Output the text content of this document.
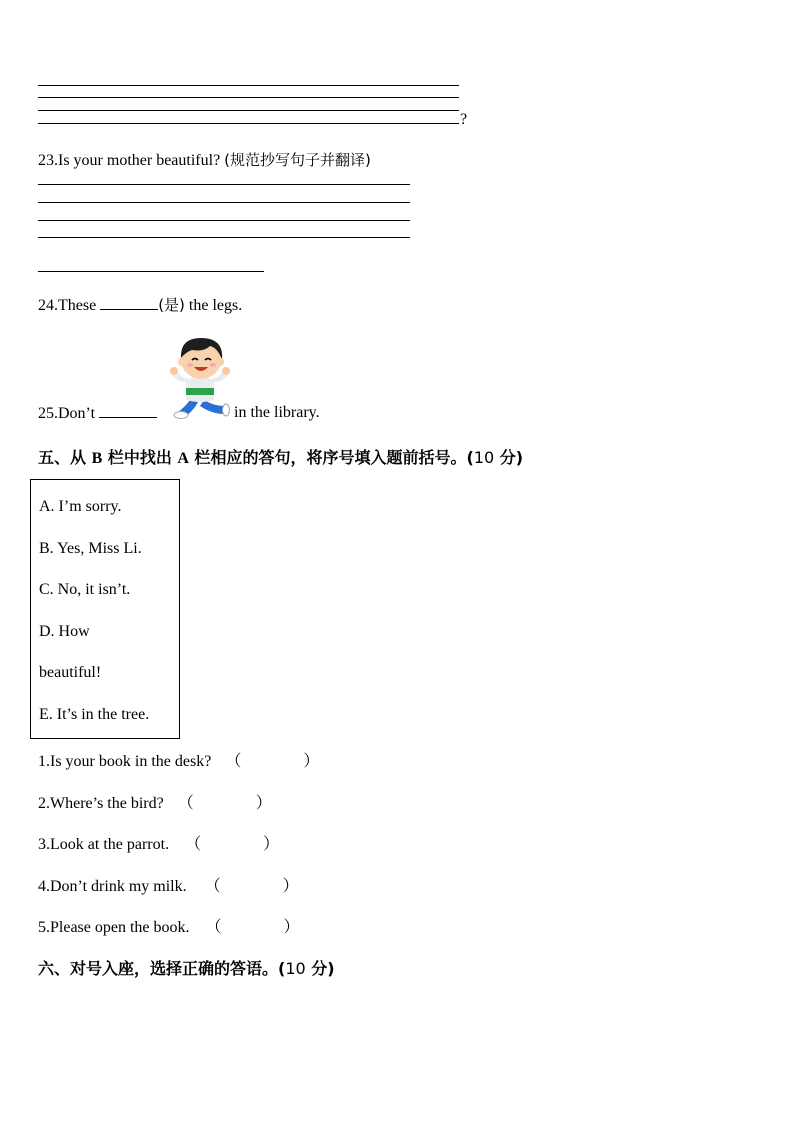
?
23.Is your mother beautiful? (规范抄写句子并翻译)
24.These	(是) the legs.
25.Don’t	in the library.
五、从 B 栏中找出 A 栏相应的答句，将序号填入题前括号。(10 分)
A. I’m sorry.
B. Yes, Miss Li.
C. No, it isn’t.
D. How
beautiful!
E. It’s in the tree.
1.Is your book in the desk? （	）
2.Where’s the bird? （	）
3.Look at the parrot. （	）
4.Don’t drink my milk. （	）
5.Please open the book. （	）
六、对号入座，选择正确的答语。(10 分)
